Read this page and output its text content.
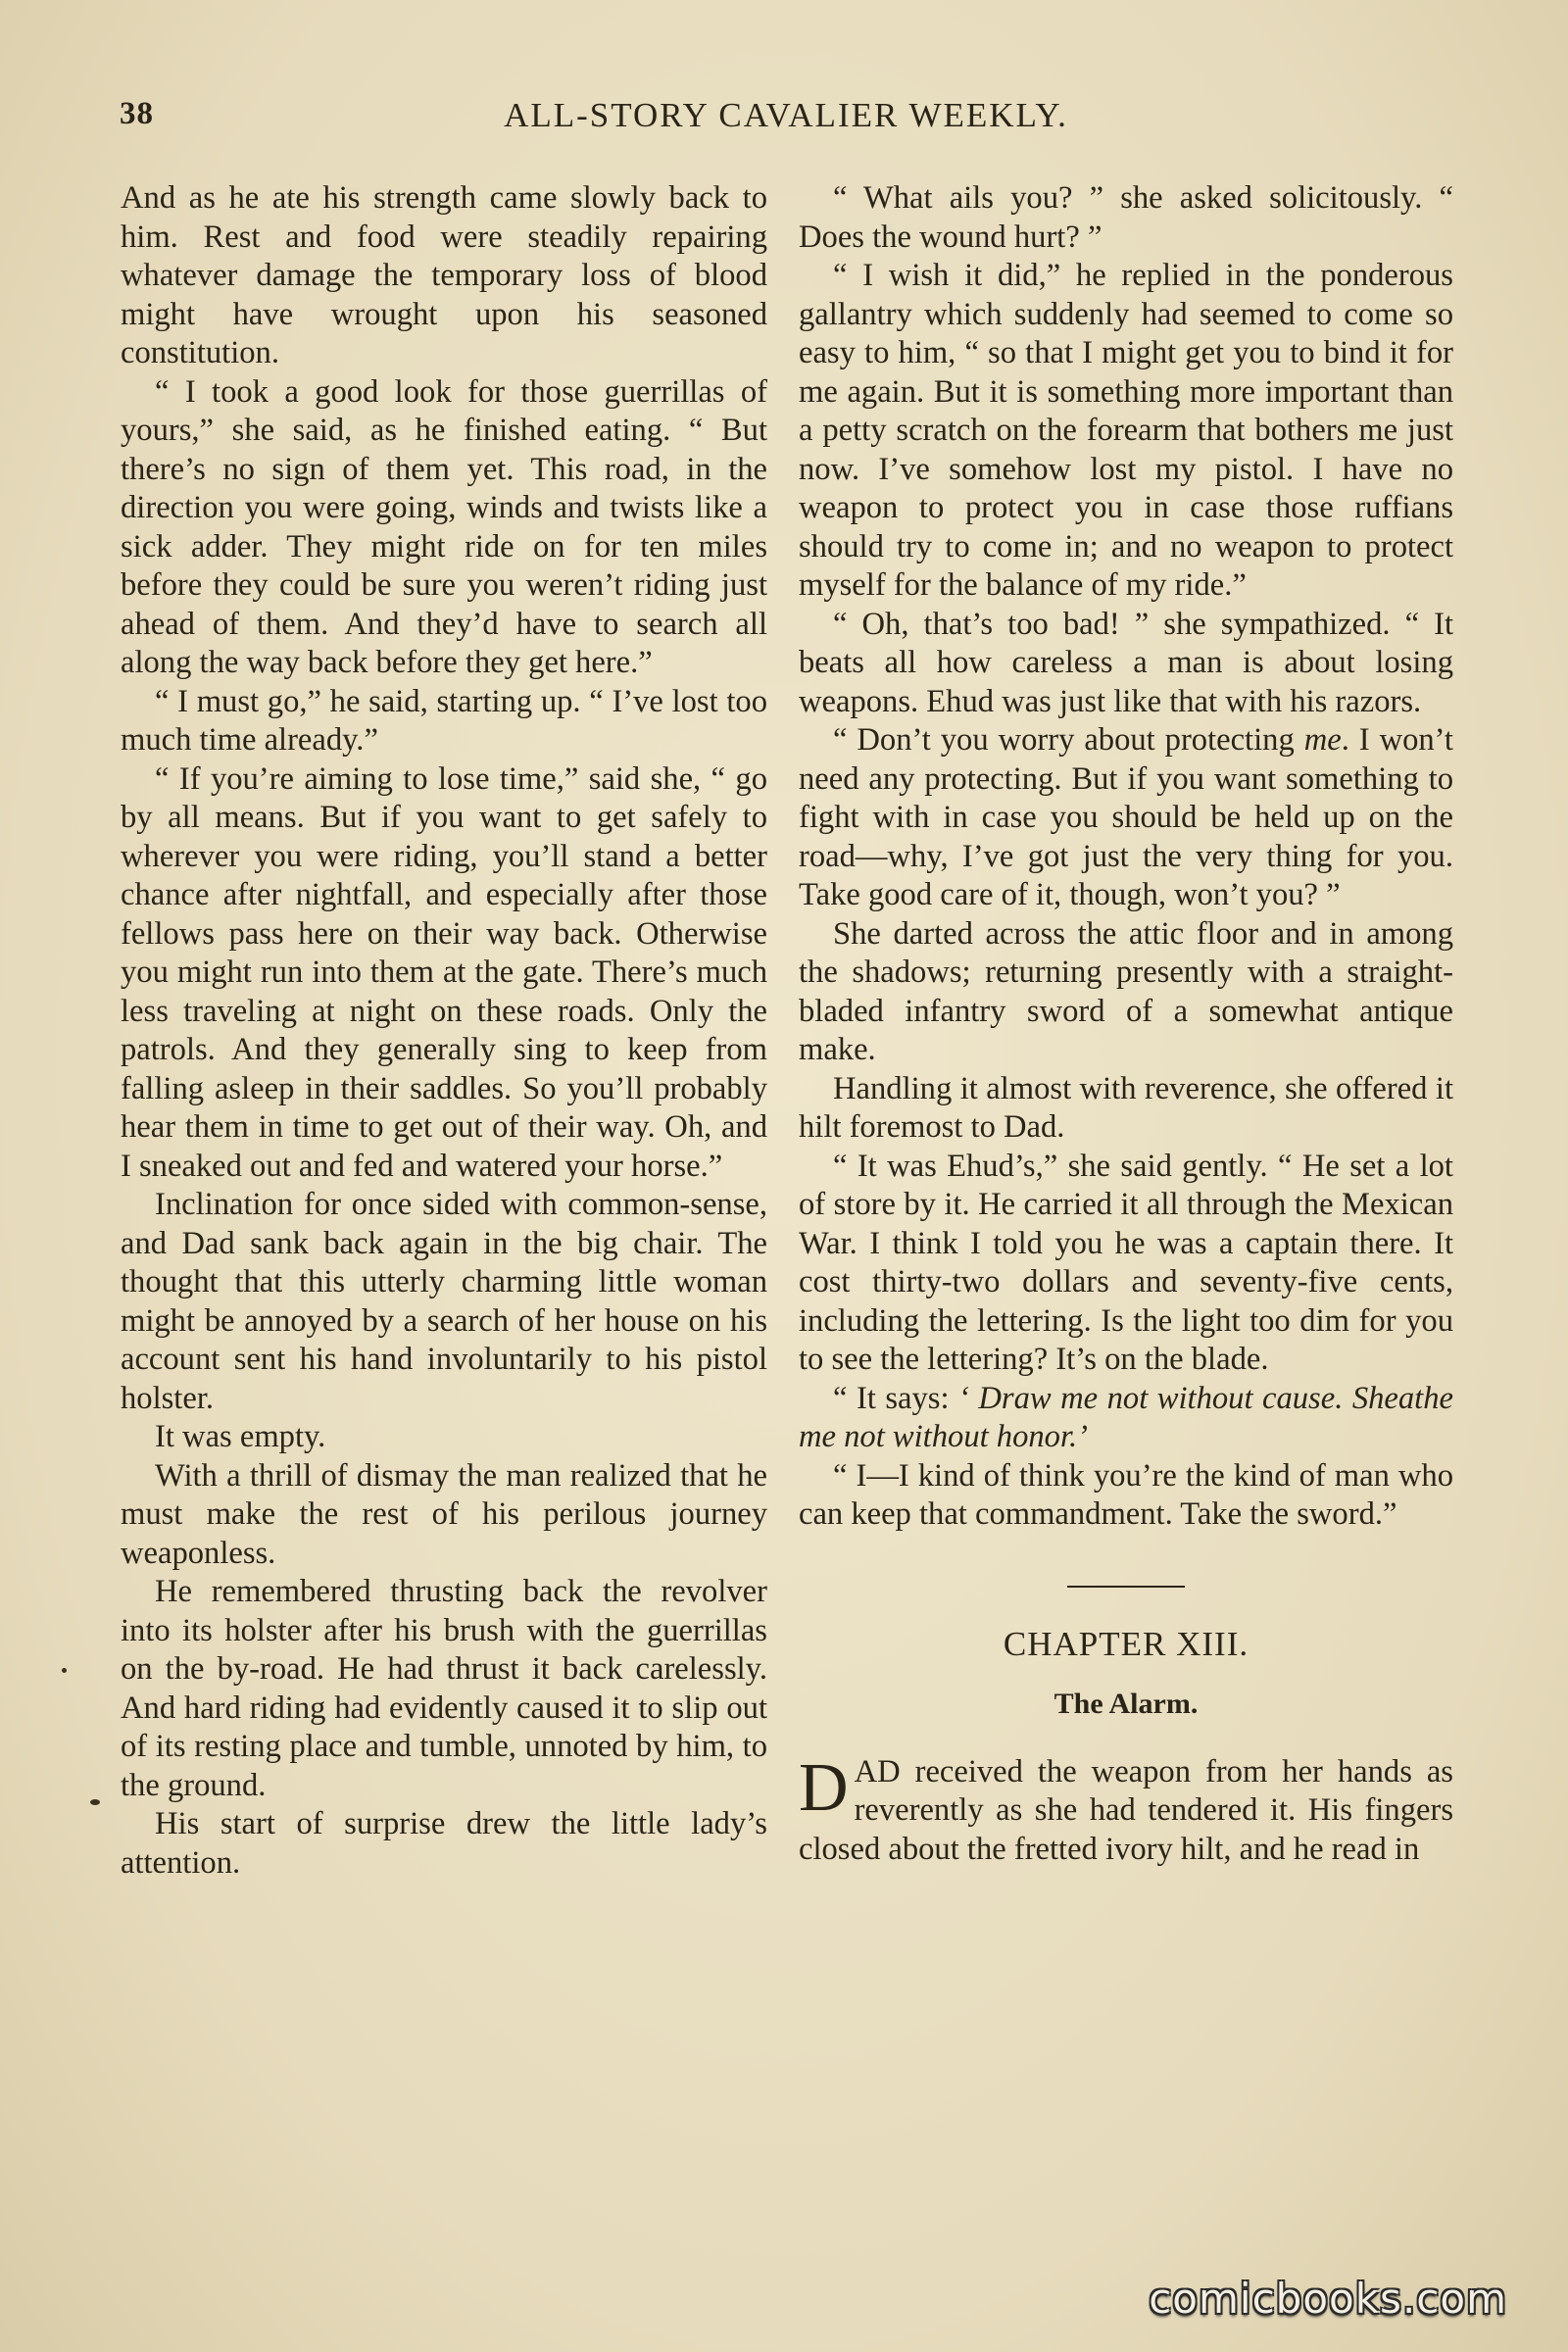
38	ALL-STORY CAVALIER WEEKLY.

And as he ate his strength came slowly back to him. Rest and food were steadily repairing whatever damage the temporary loss of blood might have wrought upon his seasoned constitution.

“ I took a good look for those guerrillas of yours,” she said, as he finished eating. “ But there’s no sign of them yet. This road, in the direction you were going, winds and twists like a sick adder. They might ride on for ten miles before they could be sure you weren’t riding just ahead of them. And they’d have to search all along the way back before they get here.”

“ I must go,” he said, starting up. “ I’ve lost too much time already.”

“ If you’re aiming to lose time,” said she, “ go by all means. But if you want to get safely to wherever you were riding, you’ll stand a better chance after nightfall, and especially after those fellows pass here on their way back. Otherwise you might run into them at the gate. There’s much less traveling at night on these roads. Only the patrols. And they generally sing to keep from falling asleep in their saddles. So you’ll probably hear them in time to get out of their way. Oh, and I sneaked out and fed and watered your horse.”

Inclination for once sided with common-sense, and Dad sank back again in the big chair. The thought that this utterly charming little woman might be annoyed by a search of her house on his account sent his hand involuntarily to his pistol holster.

It was empty.

With a thrill of dismay the man realized that he must make the rest of his perilous journey weaponless.

He remembered thrusting back the revolver into its holster after his brush with the guerrillas on the by-road. He had thrust it back carelessly. And hard riding had evidently caused it to slip out of its resting place and tumble, unnoted by him, to the ground.

His start of surprise drew the little lady’s attention.

“ What ails you? ” she asked solicitously. “ Does the wound hurt? ”

“ I wish it did,” he replied in the ponderous gallantry which suddenly had seemed to come so easy to him, “ so that I might get you to bind it for me again. But it is something more important than a petty scratch on the forearm that bothers me just now. I’ve somehow lost my pistol. I have no weapon to protect you in case those ruffians should try to come in; and no weapon to protect myself for the balance of my ride.”

“ Oh, that’s too bad! ” she sympathized. “ It beats all how careless a man is about losing weapons. Ehud was just like that with his razors.

“ Don’t you worry about protecting me. I won’t need any protecting. But if you want something to fight with in case you should be held up on the road—why, I’ve got just the very thing for you. Take good care of it, though, won’t you? ”

She darted across the attic floor and in among the shadows; returning presently with a straight-bladed infantry sword of a somewhat antique make.

Handling it almost with reverence, she offered it hilt foremost to Dad.

“ It was Ehud’s,” she said gently. “ He set a lot of store by it. He carried it all through the Mexican War. I think I told you he was a captain there. It cost thirty-two dollars and seventy-five cents, including the lettering. Is the light too dim for you to see the lettering? It’s on the blade.

“ It says: ‘ Draw me not without cause. Sheathe me not without honor.’

“ I—I kind of think you’re the kind of man who can keep that commandment. Take the sword.”

CHAPTER XIII.
The Alarm.

DAD received the weapon from her hands as reverently as she had tendered it. His fingers closed about the fretted ivory hilt, and he read in

comicbooks.com
